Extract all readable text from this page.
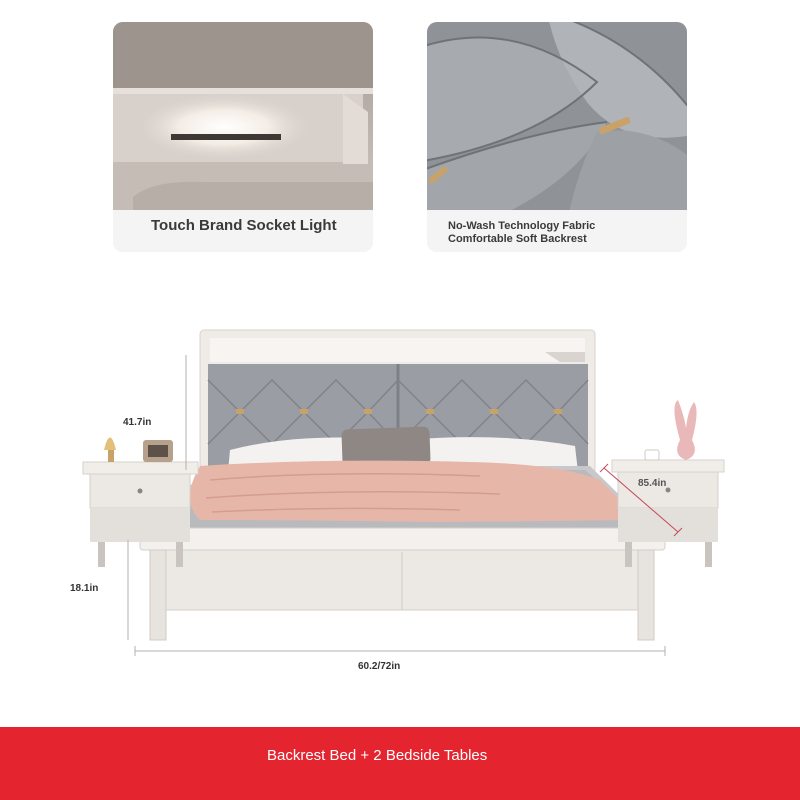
Touch Brand Socket Light	No-Wash Technology Fabric
Comfortable Soft Backrest
41.7in
85.4in
18.1in
60.2/72in
Backrest Bed + 2 Bedside Tables
